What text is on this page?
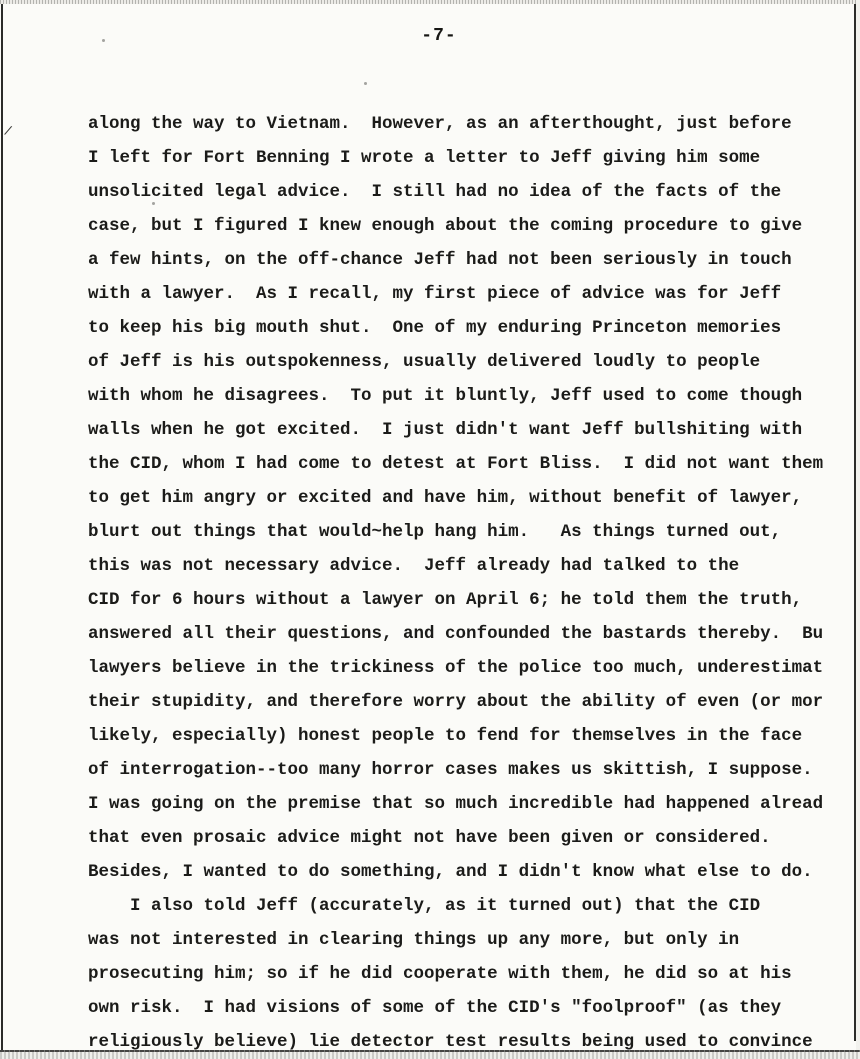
/
-7-
along the way to Vietnam.  However, as an afterthought, just before
I left for Fort Benning I wrote a letter to Jeff giving him some
unsolicited legal advice.  I still had no idea of the facts of the
case, but I figured I knew enough about the coming procedure to give
a few hints, on the off-chance Jeff had not been seriously in touch
with a lawyer.  As I recall, my first piece of advice was for Jeff
to keep his big mouth shut.  One of my enduring Princeton memories
of Jeff is his outspokenness, usually delivered loudly to people
with whom he disagrees.  To put it bluntly, Jeff used to come though
walls when he got excited.  I just didn't want Jeff bullshiting with
the CID, whom I had come to detest at Fort Bliss.  I did not want them
to get him angry or excited and have him, without benefit of lawyer,
blurt out things that would~help hang him.   As things turned out,
this was not necessary advice.  Jeff already had talked to the
CID for 6 hours without a lawyer on April 6; he told them the truth,
answered all their questions, and confounded the bastards thereby.  Bu
lawyers believe in the trickiness of the police too much, underestimat
their stupidity, and therefore worry about the ability of even (or mor
likely, especially) honest people to fend for themselves in the face
of interrogation--too many horror cases makes us skittish, I suppose.
I was going on the premise that so much incredible had happened alread
that even prosaic advice might not have been given or considered.
Besides, I wanted to do something, and I didn't know what else to do.
I also told Jeff (accurately, as it turned out) that the CID
was not interested in clearing things up any more, but only in
prosecuting him; so if he did cooperate with them, he did so at his
own risk.  I had visions of some of the CID's "foolproof" (as they
religiously believe) lie detector test results being used to convince
